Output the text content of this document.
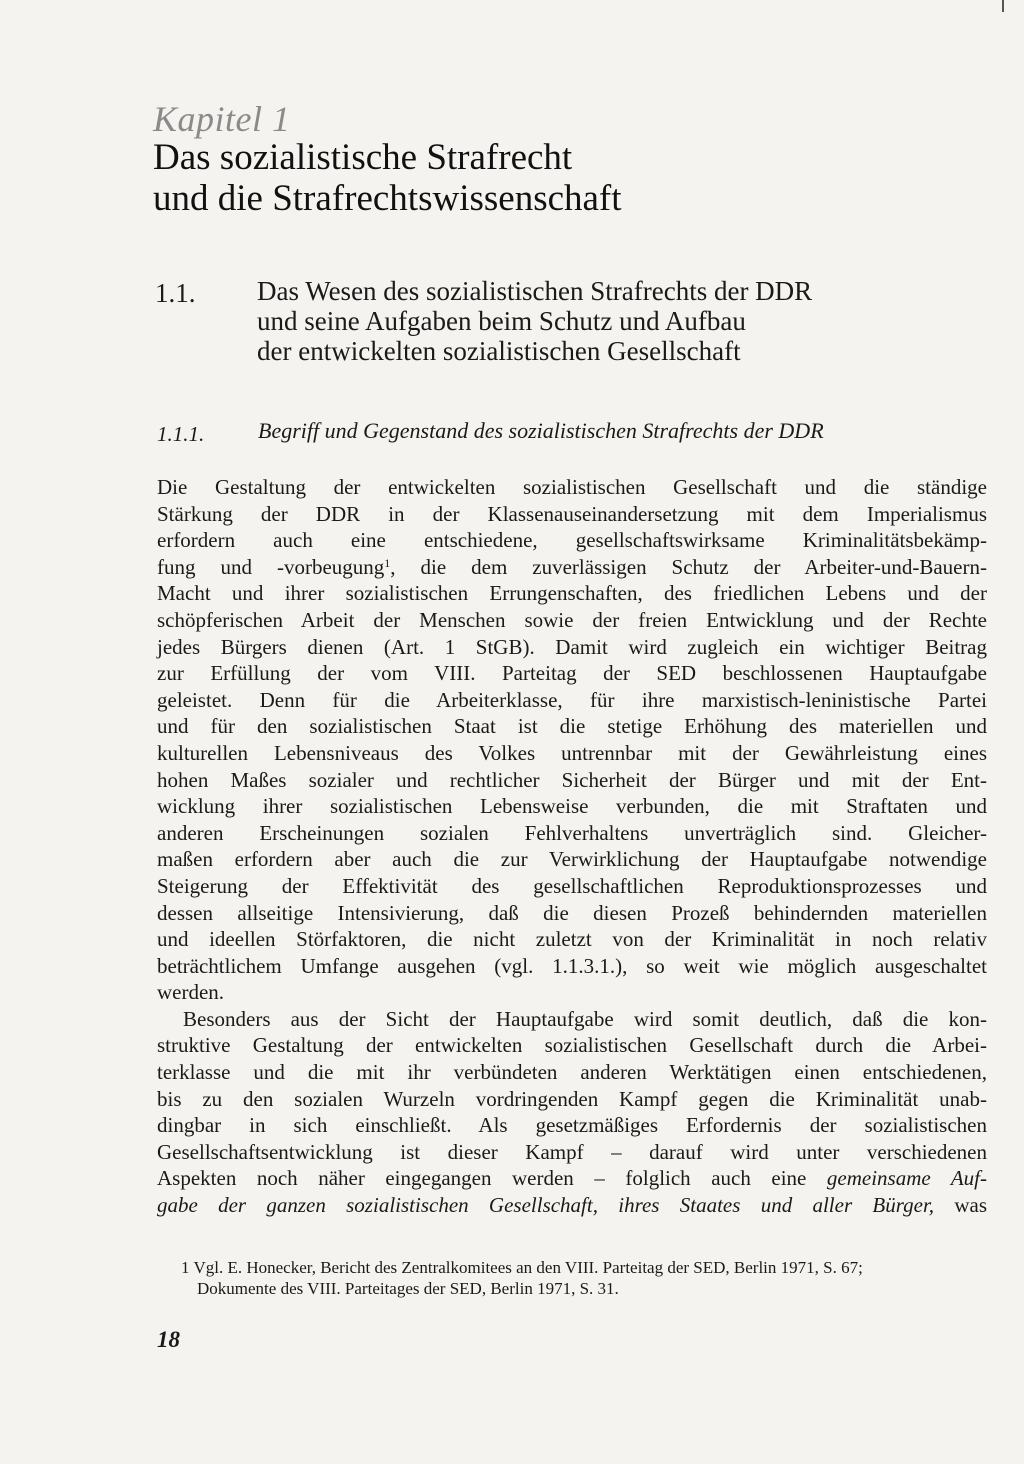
Kapitel 1
Das sozialistische Strafrecht
und die Strafrechtswissenschaft
1.1. Das Wesen des sozialistischen Strafrechts der DDR
und seine Aufgaben beim Schutz und Aufbau
der entwickelten sozialistischen Gesellschaft
1.1.1. Begriff und Gegenstand des sozialistischen Strafrechts der DDR
Die Gestaltung der entwickelten sozialistischen Gesellschaft und die ständige
Stärkung der DDR in der Klassenauseinandersetzung mit dem Imperialismus
erfordern auch eine entschiedene, gesellschaftswirksame Kriminalitätsbekämp-
fung und -vorbeugung$^1$, die dem zuverlässigen Schutz der Arbeiter-und-Bauern-
Macht und ihrer sozialistischen Errungenschaften, des friedlichen Lebens und der
schöpferischen Arbeit der Menschen sowie der freien Entwicklung und der Rechte
jedes Bürgers dienen (Art. 1 StGB). Damit wird zugleich ein wichtiger Beitrag
zur Erfüllung der vom VIII. Parteitag der SED beschlossenen Hauptaufgabe
geleistet. Denn für die Arbeiterklasse, für ihre marxistisch-leninistische Partei
und für den sozialistischen Staat ist die stetige Erhöhung des materiellen und
kulturellen Lebensniveaus des Volkes untrennbar mit der Gewährleistung eines
hohen Maßes sozialer und rechtlicher Sicherheit der Bürger und mit der Ent-
wicklung ihrer sozialistischen Lebensweise verbunden, die mit Straftaten und
anderen Erscheinungen sozialen Fehlverhaltens unverträglich sind. Gleicher-
maßen erfordern aber auch die zur Verwirklichung der Hauptaufgabe notwendige
Steigerung der Effektivität des gesellschaftlichen Reproduktionsprozesses und
dessen allseitige Intensivierung, daß die diesen Prozeß behindernden materiellen
und ideellen Störfaktoren, die nicht zuletzt von der Kriminalität in noch relativ
beträchtlichem Umfange ausgehen (vgl. 1.1.3.1.), so weit wie möglich ausgeschaltet
werden.
Besonders aus der Sicht der Hauptaufgabe wird somit deutlich, daß die kon-
struktive Gestaltung der entwickelten sozialistischen Gesellschaft durch die Arbei-
terklasse und die mit ihr verbündeten anderen Werktätigen einen entschiedenen,
bis zu den sozialen Wurzeln vordringenden Kampf gegen die Kriminalität unab-
dingbar in sich einschließt. Als gesetzmäßiges Erfordernis der sozialistischen
Gesellschaftsentwicklung ist dieser Kampf – darauf wird unter verschiedenen
Aspekten noch näher eingegangen werden – folglich auch eine gemeinsame Auf-
gabe der ganzen sozialistischen Gesellschaft, ihres Staates und aller Bürger, was
1 Vgl. E. Honecker, Bericht des Zentralkomitees an den VIII. Parteitag der SED, Berlin 1971, S. 67;
Dokumente des VIII. Parteitages der SED, Berlin 1971, S. 31.
18
